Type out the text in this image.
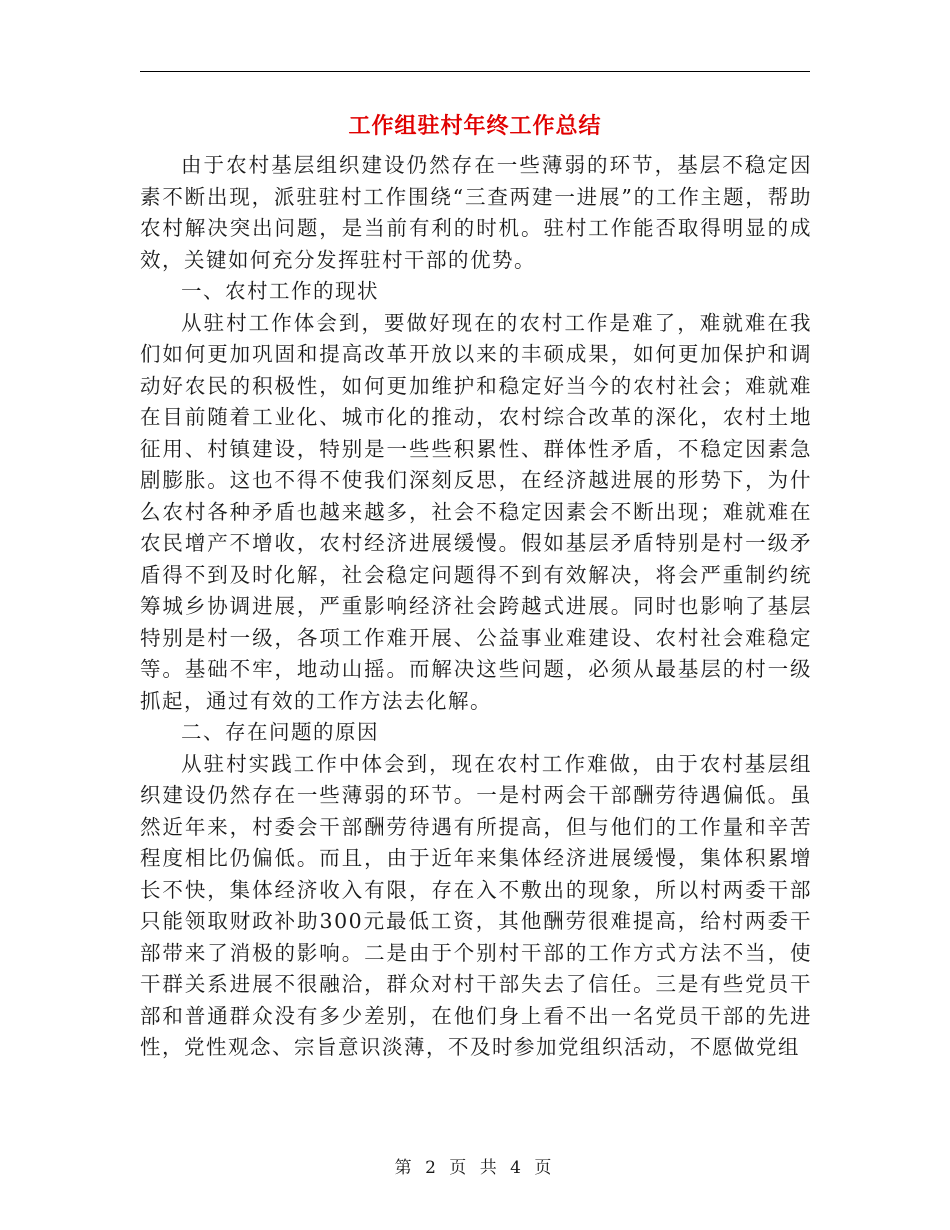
工作组驻村年终工作总结

由于农村基层组织建设仍然存在一些薄弱的环节，基层不稳定因素不断出现，派驻驻村工作围绕“三查两建一进展”的工作主题，帮助农村解决突出问题，是当前有利的时机。驻村工作能否取得明显的成效，关键如何充分发挥驻村干部的优势。

一、农村工作的现状

从驻村工作体会到，要做好现在的农村工作是难了，难就难在我们如何更加巩固和提高改革开放以来的丰硕成果，如何更加保护和调动好农民的积极性，如何更加维护和稳定好当今的农村社会；难就难在目前随着工业化、城市化的推动，农村综合改革的深化，农村土地征用、村镇建设，特别是一些些积累性、群体性矛盾，不稳定因素急剧膨胀。这也不得不使我们深刻反思，在经济越进展的形势下，为什么农村各种矛盾也越来越多，社会不稳定因素会不断出现；难就难在农民增产不增收，农村经济进展缓慢。假如基层矛盾特别是村一级矛盾得不到及时化解，社会稳定问题得不到有效解决，将会严重制约统筹城乡协调进展，严重影响经济社会跨越式进展。同时也影响了基层特别是村一级，各项工作难开展、公益事业难建设、农村社会难稳定等。基础不牢，地动山摇。而解决这些问题，必须从最基层的村一级抓起，通过有效的工作方法去化解。

二、存在问题的原因

从驻村实践工作中体会到，现在农村工作难做，由于农村基层组织建设仍然存在一些薄弱的环节。一是村两会干部酬劳待遇偏低。虽然近年来，村委会干部酬劳待遇有所提高，但与他们的工作量和辛苦程度相比仍偏低。而且，由于近年来集体经济进展缓慢，集体积累增长不快，集体经济收入有限，存在入不敷出的现象，所以村两委干部只能领取财政补助300元最低工资，其他酬劳很难提高，给村两委干部带来了消极的影响。二是由于个别村干部的工作方式方法不当，使干群关系进展不很融洽，群众对村干部失去了信任。三是有些党员干部和普通群众没有多少差别，在他们身上看不出一名党员干部的先进性，党性观念、宗旨意识淡薄，不及时参加党组织活动，不愿做党组

第 2 页 共 4 页
